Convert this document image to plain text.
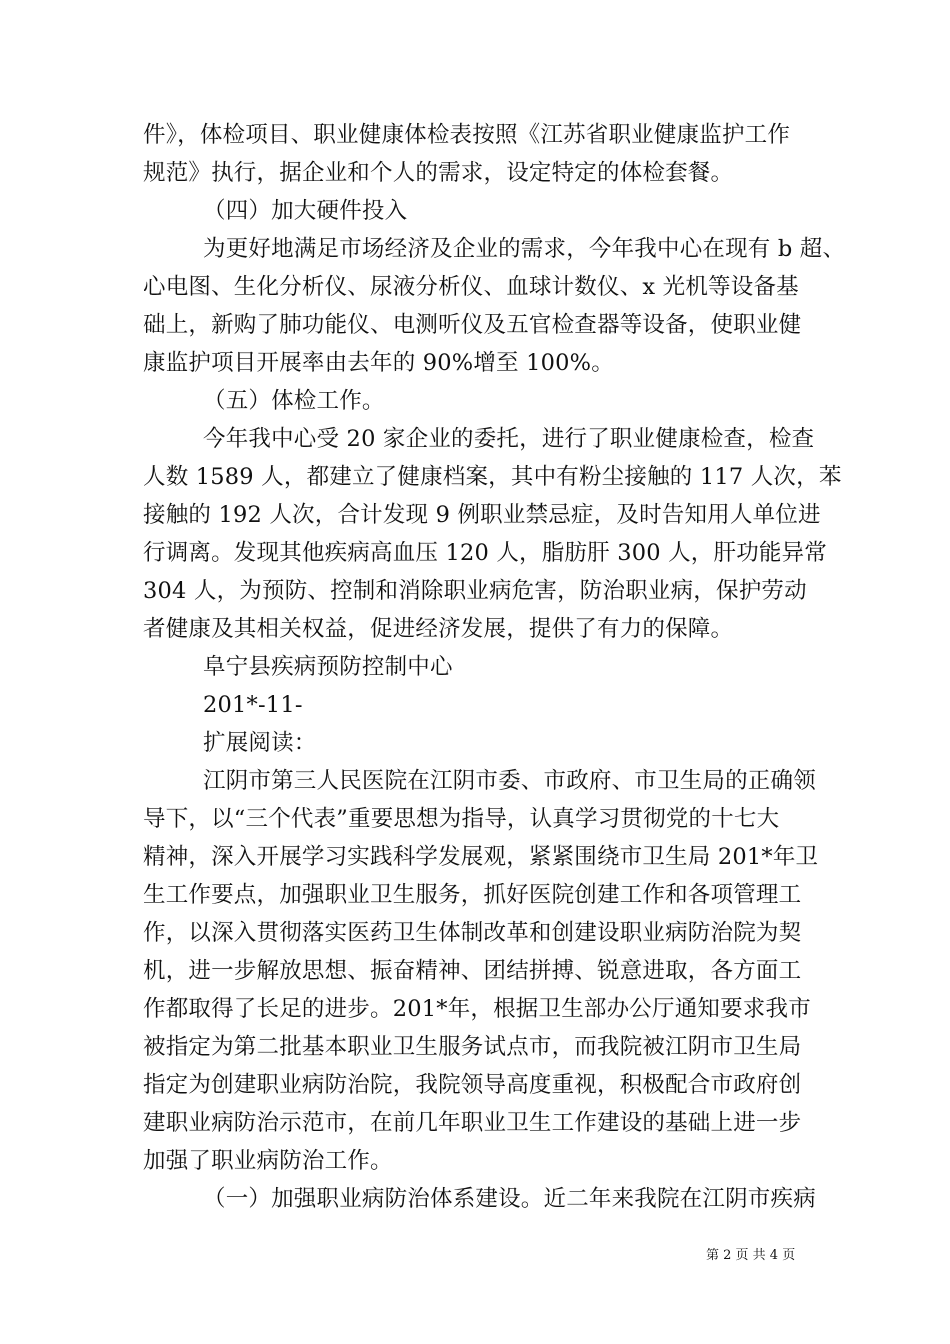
件》，体检项目、职业健康体检表按照《江苏省职业健康监护工作
规范》执行，据企业和个人的需求，设定特定的体检套餐。
（四）加大硬件投入
为更好地满足市场经济及企业的需求，今年我中心在现有 b 超、
心电图、生化分析仪、尿液分析仪、血球计数仪、x 光机等设备基
础上，新购了肺功能仪、电测听仪及五官检查器等设备，使职业健
康监护项目开展率由去年的 90%增至 100%。
（五）体检工作。
今年我中心受 20 家企业的委托，进行了职业健康检查，检查
人数 1589 人，都建立了健康档案，其中有粉尘接触的 117 人次，苯
接触的 192 人次，合计发现 9 例职业禁忌症，及时告知用人单位进
行调离。发现其他疾病高血压 120 人，脂肪肝 300 人，肝功能异常
304 人，为预防、控制和消除职业病危害，防治职业病，保护劳动
者健康及其相关权益，促进经济发展，提供了有力的保障。
阜宁县疾病预防控制中心
201*-11-
扩展阅读：
江阴市第三人民医院在江阴市委、市政府、市卫生局的正确领
导下，以“三个代表”重要思想为指导，认真学习贯彻党的十七大
精神，深入开展学习实践科学发展观，紧紧围绕市卫生局 201*年卫
生工作要点，加强职业卫生服务，抓好医院创建工作和各项管理工
作，以深入贯彻落实医药卫生体制改革和创建设职业病防治院为契
机，进一步解放思想、振奋精神、团结拼搏、锐意进取，各方面工
作都取得了长足的进步。201*年，根据卫生部办公厅通知要求我市
被指定为第二批基本职业卫生服务试点市，而我院被江阴市卫生局
指定为创建职业病防治院，我院领导高度重视，积极配合市政府创
建职业病防治示范市，在前几年职业卫生工作建设的基础上进一步
加强了职业病防治工作。
（一）加强职业病防治体系建设。近二年来我院在江阴市疾病
第 2 页 共 4 页
